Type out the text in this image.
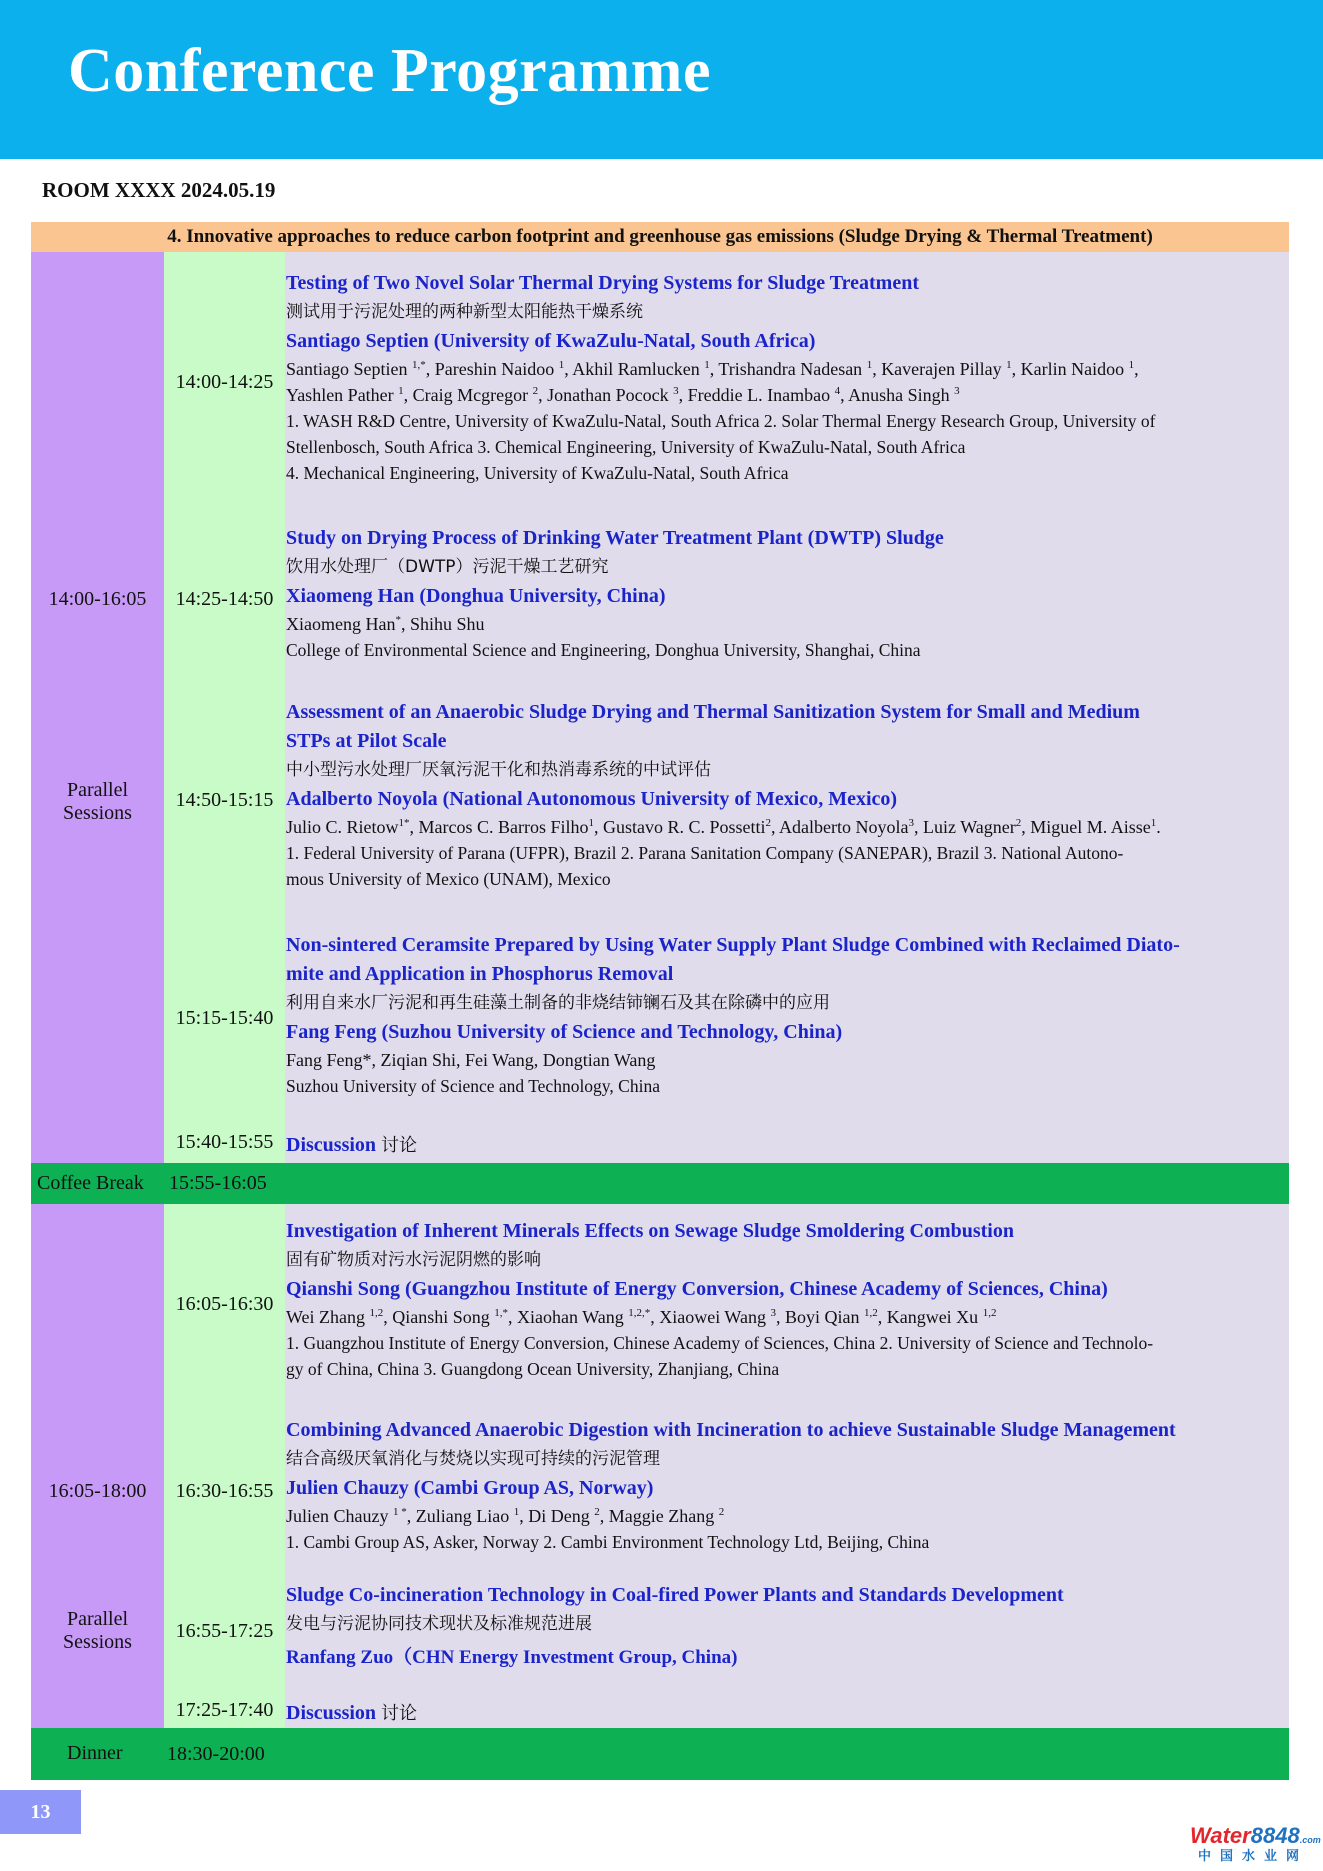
Conference Programme
ROOM XXXX 2024.05.19
4. Innovative approaches to reduce carbon footprint and greenhouse gas emissions (Sludge Drying & Thermal Treatment)
14:00-16:05
Parallel
Sessions
14:00-14:25
Testing of Two Novel Solar Thermal Drying Systems for Sludge Treatment
测试用于污泥处理的两种新型太阳能热干燥系统
Santiago Septien (University of KwaZulu-Natal, South Africa)
Santiago Septien $^{1,*}$, Pareshin Naidoo $^1$, Akhil Ramlucken $^1$, Trishandra Nadesan $^1$, Kaverajen Pillay $^1$, Karlin Naidoo $^1$,
Yashlen Pather $^1$, Craig Mcgregor $^2$, Jonathan Pocock $^3$, Freddie L. Inambao $^4$, Anusha Singh $^3$
1. WASH R&D Centre, University of KwaZulu-Natal, South Africa 2. Solar Thermal Energy Research Group, University of
Stellenbosch, South Africa 3. Chemical Engineering, University of KwaZulu-Natal, South Africa
4. Mechanical Engineering, University of KwaZulu-Natal, South Africa
14:25-14:50
Study on Drying Process of Drinking Water Treatment Plant (DWTP) Sludge
饮用水处理厂（DWTP）污泥干燥工艺研究
Xiaomeng Han (Donghua University, China)
Xiaomeng Han*, Shihu Shu
College of Environmental Science and Engineering, Donghua University, Shanghai, China
14:50-15:15
Assessment of an Anaerobic Sludge Drying and Thermal Sanitization System for Small and Medium
STPs at Pilot Scale
中小型污水处理厂厌氧污泥干化和热消毒系统的中试评估
Adalberto Noyola (National Autonomous University of Mexico, Mexico)
Julio C. Rietow$^{1*}$, Marcos C. Barros Filho$^1$, Gustavo R. C. Possetti$^2$, Adalberto Noyola$^3$, Luiz Wagner$^2$, Miguel M. Aisse$^1$.
1. Federal University of Parana (UFPR), Brazil 2. Parana Sanitation Company (SANEPAR), Brazil 3. National Autono-
mous University of Mexico (UNAM), Mexico
15:15-15:40
Non-sintered Ceramsite Prepared by Using Water Supply Plant Sludge Combined with Reclaimed Diato-
mite and Application in Phosphorus Removal
利用自来水厂污泥和再生硅藻土制备的非烧结铈镧石及其在除磷中的应用
Fang Feng (Suzhou University of Science and Technology, China)
Fang Feng*, Ziqian Shi, Fei Wang, Dongtian Wang
Suzhou University of Science and Technology, China
15:40-15:55 Discussion 讨论
Coffee Break 15:55-16:05
16:05-18:00
Parallel
Sessions
16:05-16:30
Investigation of Inherent Minerals Effects on Sewage Sludge Smoldering Combustion
固有矿物质对污水污泥阴燃的影响
Qianshi Song (Guangzhou Institute of Energy Conversion, Chinese Academy of Sciences, China)
Wei Zhang $^{1,2}$, Qianshi Song $^{1,*}$, Xiaohan Wang $^{1,2,*}$, Xiaowei Wang $^3$, Boyi Qian $^{1,2}$, Kangwei Xu $^{1,2}$
1. Guangzhou Institute of Energy Conversion, Chinese Academy of Sciences, China 2. University of Science and Technolo-
gy of China, China 3. Guangdong Ocean University, Zhanjiang, China
16:30-16:55
Combining Advanced Anaerobic Digestion with Incineration to achieve Sustainable Sludge Management
结合高级厌氧消化与焚烧以实现可持续的污泥管理
Julien Chauzy (Cambi Group AS, Norway)
Julien Chauzy $^{1 *}$, Zuliang Liao $^1$, Di Deng $^2$, Maggie Zhang $^2$
1. Cambi Group AS, Asker, Norway 2. Cambi Environment Technology Ltd, Beijing, China
16:55-17:25
Sludge Co-incineration Technology in Coal-fired Power Plants and Standards Development
发电与污泥协同技术现状及标准规范进展
Ranfang Zuo（CHN Energy Investment Group, China)
17:25-17:40 Discussion 讨论
Dinner 18:30-20:00
13
Water8848.com
中国水业网
